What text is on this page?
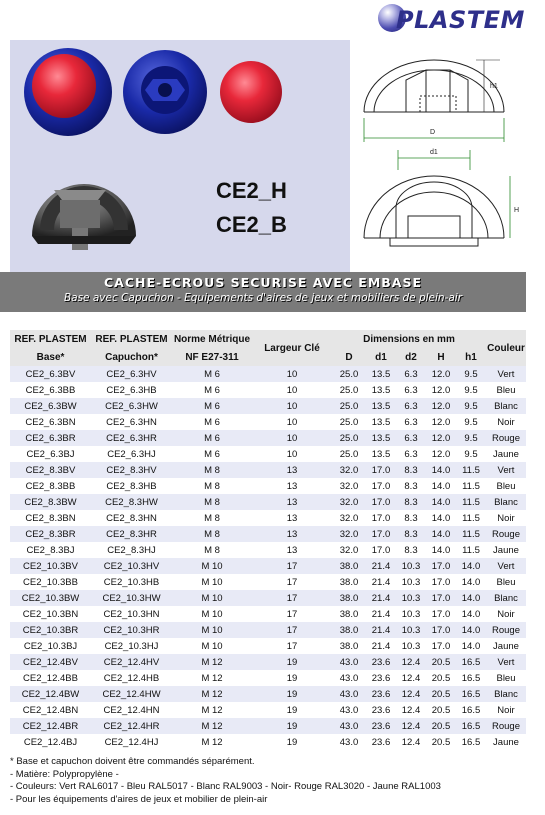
PLASTEM
CE2_H
CE2_B
h1
D
d1
H
CACHE-ECROUS SECURISE AVEC EMBASE
Base avec Capuchon - Equipements d'aires de jeux et mobiliers de plein-air
REF. PLASTEM	REF. PLASTEM	Norme Métrique	Largeur Clé	Dimensions en mm					Couleur
Base*	Capuchon*	NF E27-311		D	d1	d2	H	h1	
CE2_6.3BV	CE2_6.3HV	M 6	10	25.0	13.5	6.3	12.0	9.5	Vert
CE2_6.3BB	CE2_6.3HB	M 6	10	25.0	13.5	6.3	12.0	9.5	Bleu
CE2_6.3BW	CE2_6.3HW	M 6	10	25.0	13.5	6.3	12.0	9.5	Blanc
CE2_6.3BN	CE2_6.3HN	M 6	10	25.0	13.5	6.3	12.0	9.5	Noir
CE2_6.3BR	CE2_6.3HR	M 6	10	25.0	13.5	6.3	12.0	9.5	Rouge
CE2_6.3BJ	CE2_6.3HJ	M 6	10	25.0	13.5	6.3	12.0	9.5	Jaune
CE2_8.3BV	CE2_8.3HV	M 8	13	32.0	17.0	8.3	14.0	11.5	Vert
CE2_8.3BB	CE2_8.3HB	M 8	13	32.0	17.0	8.3	14.0	11.5	Bleu
CE2_8.3BW	CE2_8.3HW	M 8	13	32.0	17.0	8.3	14.0	11.5	Blanc
CE2_8.3BN	CE2_8.3HN	M 8	13	32.0	17.0	8.3	14.0	11.5	Noir
CE2_8.3BR	CE2_8.3HR	M 8	13	32.0	17.0	8.3	14.0	11.5	Rouge
CE2_8.3BJ	CE2_8.3HJ	M 8	13	32.0	17.0	8.3	14.0	11.5	Jaune
CE2_10.3BV	CE2_10.3HV	M 10	17	38.0	21.4	10.3	17.0	14.0	Vert
CE2_10.3BB	CE2_10.3HB	M 10	17	38.0	21.4	10.3	17.0	14.0	Bleu
CE2_10.3BW	CE2_10.3HW	M 10	17	38.0	21.4	10.3	17.0	14.0	Blanc
CE2_10.3BN	CE2_10.3HN	M 10	17	38.0	21.4	10.3	17.0	14.0	Noir
CE2_10.3BR	CE2_10.3HR	M 10	17	38.0	21.4	10.3	17.0	14.0	Rouge
CE2_10.3BJ	CE2_10.3HJ	M 10	17	38.0	21.4	10.3	17.0	14.0	Jaune
CE2_12.4BV	CE2_12.4HV	M 12	19	43.0	23.6	12.4	20.5	16.5	Vert
CE2_12.4BB	CE2_12.4HB	M 12	19	43.0	23.6	12.4	20.5	16.5	Bleu
CE2_12.4BW	CE2_12.4HW	M 12	19	43.0	23.6	12.4	20.5	16.5	Blanc
CE2_12.4BN	CE2_12.4HN	M 12	19	43.0	23.6	12.4	20.5	16.5	Noir
CE2_12.4BR	CE2_12.4HR	M 12	19	43.0	23.6	12.4	20.5	16.5	Rouge
CE2_12.4BJ	CE2_12.4HJ	M 12	19	43.0	23.6	12.4	20.5	16.5	Jaune
* Base et capuchon doivent être commandés séparément.
- Matière: Polypropylène -
- Couleurs: Vert RAL6017 - Bleu RAL5017 - Blanc RAL9003 - Noir- Rouge RAL3020 - Jaune RAL1003
- Pour les équipements d'aires de jeux et mobilier de plein-air
